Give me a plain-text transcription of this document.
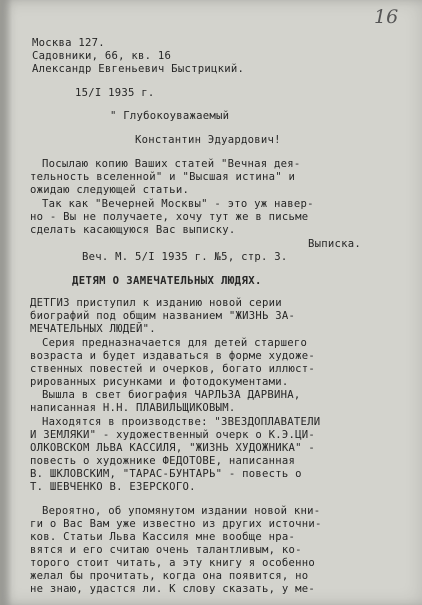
16
Москва 127.
Садовники, 66, кв. 16
Александр Евгеньевич Быстрицкий.
15/I 1935 г.
" Глубокоуважаемый
Константин Эдуардович!
Посылаю копию Ваших статей "Вечная дея-
тельность вселенной" и "Высшая истина" и
ожидаю следующей статьи.
Так как "Вечерней Москвы" - это уж навер-
но - Вы не получаете, хочу тут же в письме
сделать касающуюся Вас выписку.
Выписка.
Веч. М. 5/I 1935 г. №5, стр. 3.
ДЕТЯМ О ЗАМЕЧАТЕЛЬНЫХ ЛЮДЯХ.
ДЕТГИЗ приступил к изданию новой серии
биографий под общим названием "ЖИЗНЬ ЗА-
МЕЧАТЕЛЬНЫХ ЛЮДЕЙ".
Серия предназначается для детей старшего
возраста и будет издаваться в форме художе-
ственных повестей и очерков, богато иллюст-
рированных рисунками и фотодокументами.
Вышла в свет биография ЧАРЛЬЗА ДАРВИНА,
написанная Н.Н. ПЛАВИЛЬЩИКОВЫМ.
Находятся в производстве: "ЗВЕЗДОПЛАВАТЕЛИ
И ЗЕМЛЯКИ" - художественный очерк о К.Э.ЦИ-
ОЛКОВСКОМ ЛЬВА КАССИЛЯ, "ЖИЗНЬ ХУДОЖНИКА" -
повесть о художнике ФЕДОТОВЕ, написанная
В. ШКЛОВСКИМ, "ТАРАС-БУНТАРЬ" - повесть о
Т. ШЕВЧЕНКО В. ЕЗЕРСКОГО.
Вероятно, об упомянутом издании новой кни-
ги о Вас Вам уже известно из других источни-
ков. Статьи Льва Кассиля мне вообще нра-
вятся и его считаю очень талантливым, ко-
торого стоит читать, а эту книгу я особенно
желал бы прочитать, когда она появится, но
не знаю, удастся ли. К слову сказать, у ме-
